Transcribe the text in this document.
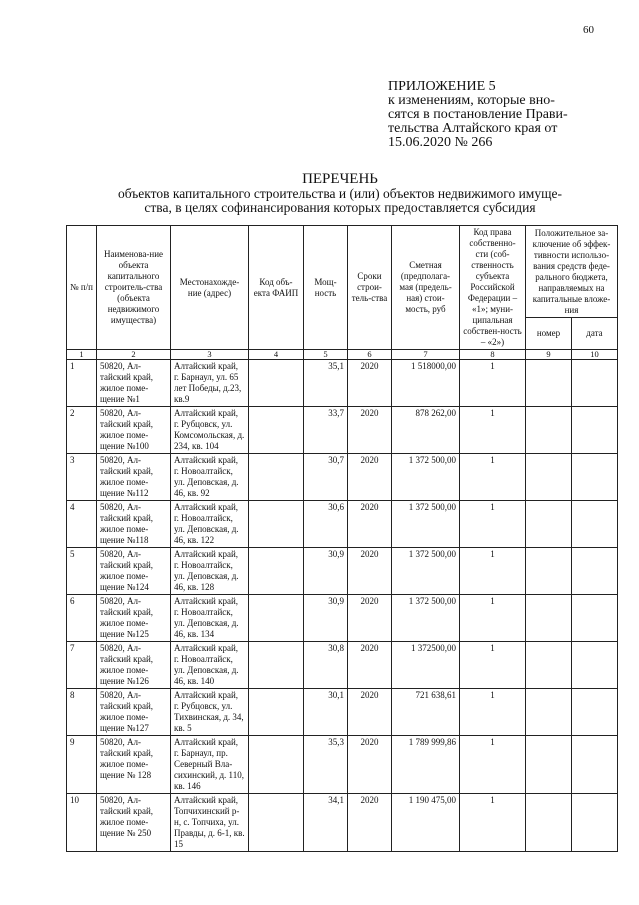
60
ПРИЛОЖЕНИЕ 5
к изменениям, которые вно-
сятся в постановление Прави-
тельства Алтайского края от
15.06.2020 № 266
ПЕРЕЧЕНЬ
объектов капитального строительства и (или) объектов недвижимого имуще-
ства, в целях софинансирования которых предоставляется субсидия
№ п/п	Наименова-ние объекта капитального строитель-ства (объекта недвижимого имущества)	Местонахожде-ние (адрес)	Код объ-екта ФАИП	Мощ-ность	Сроки строи-тель-ства	Сметная (предполага-мая (предель-ная) стои-мость, руб	Код права собственно-сти (соб-ственность субъекта Российской Федерации – «1»; муни-ципальная собствен-ность – «2»)	Положительное за-ключение об эффек-тивности использо-вания средств феде-рального бюджета, направляемых на капитальные вложе-ния	
								номер	дата
1	2	3	4	5	6	7	8	9	10
1	50820, Ал-тайский край, жилое поме-щение №1	Алтайский край, г. Барнаул, ул. 65 лет Победы, д.23, кв.9		35,1	2020	1 518000,00	1		
2	50820, Ал-тайский край, жилое поме-щение №100	Алтайский край, г. Рубцовск, ул. Комсомольская, д. 234, кв. 104		33,7	2020	878 262,00	1		
3	50820, Ал-тайский край, жилое поме-щение №112	Алтайский край, г. Новоалтайск, ул. Деповская, д. 46, кв. 92		30,7	2020	1 372 500,00	1		
4	50820, Ал-тайский край, жилое поме-щение №118	Алтайский край, г. Новоалтайск, ул. Деповская, д. 46, кв. 122		30,6	2020	1 372 500,00	1		
5	50820, Ал-тайский край, жилое поме-щение №124	Алтайский край, г. Новоалтайск, ул. Деповская, д. 46, кв. 128		30,9	2020	1 372 500,00	1		
6	50820, Ал-тайский край, жилое поме-щение №125	Алтайский край, г. Новоалтайск, ул. Деповская, д. 46, кв. 134		30,9	2020	1 372 500,00	1		
7	50820, Ал-тайский край, жилое поме-щение №126	Алтайский край, г. Новоалтайск, ул. Деповская, д. 46, кв. 140		30,8	2020	1 372500,00	1		
8	50820, Ал-тайский край, жилое поме-щение №127	Алтайский край, г. Рубцовск, ул. Тихвинская, д. 34, кв. 5		30,1	2020	721 638,61	1		
9	50820, Ал-тайский край, жилое поме-щение № 128	Алтайский край, г. Барнаул, пр. Северный Вла-сихинский, д. 110, кв. 146		35,3	2020	1 789 999,86	1		
10	50820, Ал-тайский край, жилое поме-щение № 250	Алтайский край, Топчихинский р-н, с. Топчиха, ул. Правды, д. 6-1, кв. 15		34,1	2020	1 190 475,00	1		
